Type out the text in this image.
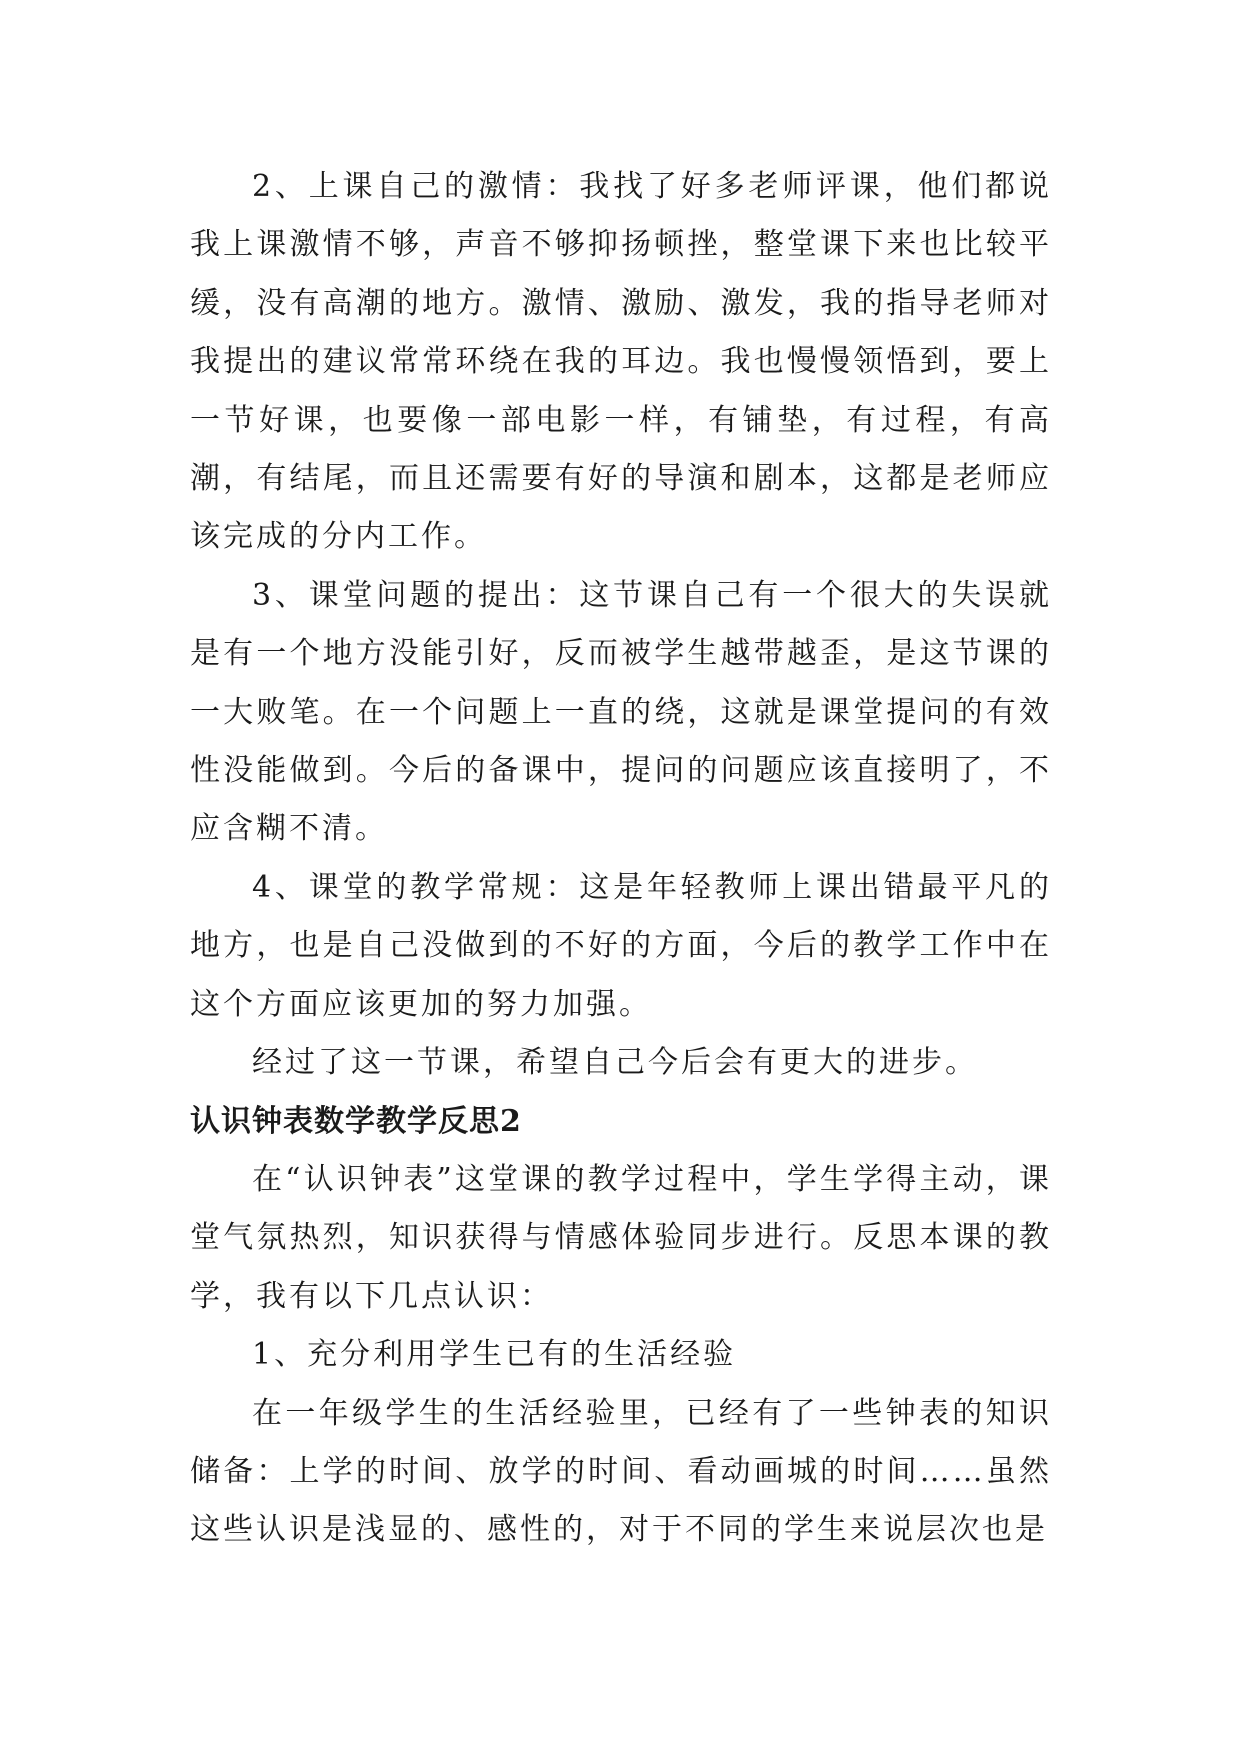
2、上课自己的激情：我找了好多老师评课，他们都说我上课激情不够，声音不够抑扬顿挫，整堂课下来也比较平缓，没有高潮的地方。激情、激励、激发，我的指导老师对我提出的建议常常环绕在我的耳边。我也慢慢领悟到，要上一节好课，也要像一部电影一样，有铺垫，有过程，有高潮，有结尾，而且还需要有好的导演和剧本，这都是老师应该完成的分内工作。

3、课堂问题的提出：这节课自己有一个很大的失误就是有一个地方没能引好，反而被学生越带越歪，是这节课的一大败笔。在一个问题上一直的绕，这就是课堂提问的有效性没能做到。今后的备课中，提问的问题应该直接明了，不应含糊不清。

4、课堂的教学常规：这是年轻教师上课出错最平凡的地方，也是自己没做到的不好的方面，今后的教学工作中在这个方面应该更加的努力加强。

经过了这一节课，希望自己今后会有更大的进步。

认识钟表数学教学反思2

在“认识钟表”这堂课的教学过程中，学生学得主动，课堂气氛热烈，知识获得与情感体验同步进行。反思本课的教学，我有以下几点认识：

1、充分利用学生已有的生活经验

在一年级学生的生活经验里，已经有了一些钟表的知识储备：上学的时间、放学的时间、看动画城的时间……虽然这些认识是浅显的、感性的，对于不同的学生来说层次也是
